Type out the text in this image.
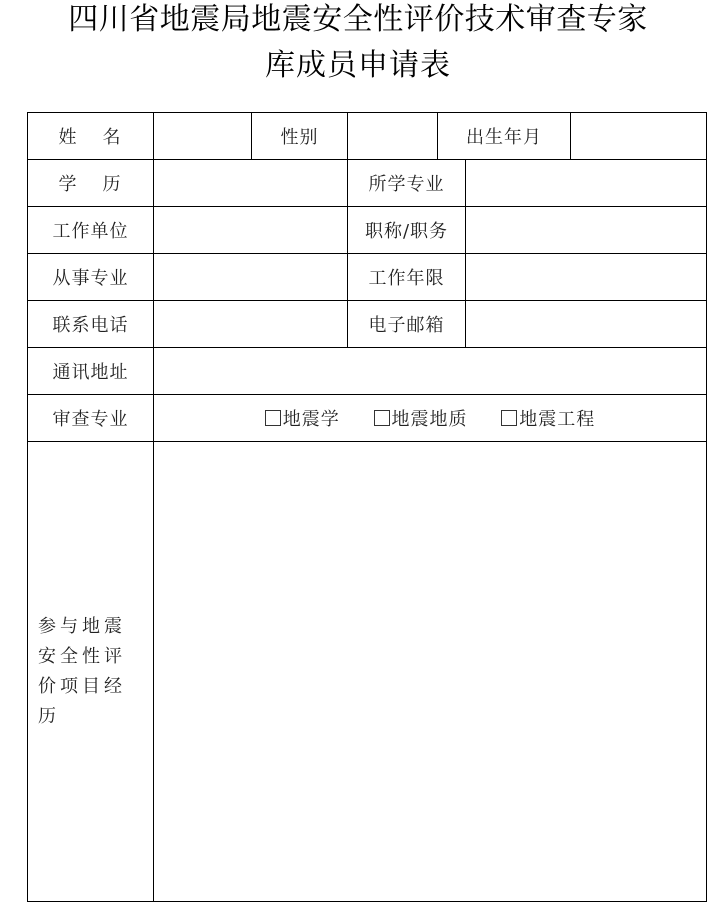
四川省地震局地震安全性评价技术审查专家
库成员申请表
姓名		性别		出生年月		
学历			所学专业			
工作单位			职称/职务			
从事专业			工作年限			
联系电话			电子邮箱			
通讯地址						
审查专业	地震学 地震地质 地震工程					
参与地震安全性评价项目经历						
